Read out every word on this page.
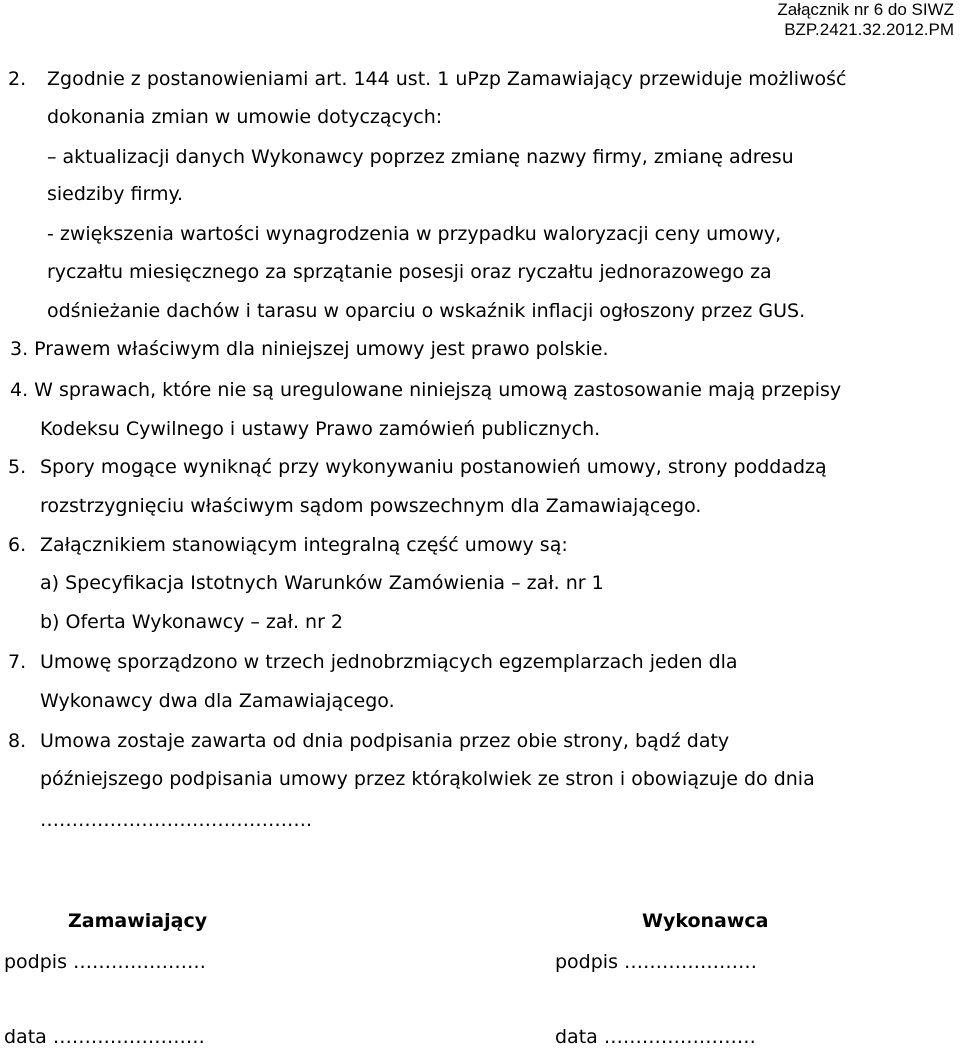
Załącznik nr 6 do SIWZ
BZP.2421.32.2012.PM
2. Zgodnie z postanowieniami art. 144 ust. 1 uPzp Zamawiający przewiduje możliwość
dokonania zmian w umowie dotyczących:
– aktualizacji danych Wykonawcy poprzez zmianę nazwy firmy, zmianę adresu
siedziby firmy.
- zwiększenia wartości wynagrodzenia w przypadku waloryzacji ceny umowy,
ryczałtu miesięcznego za sprzątanie posesji oraz ryczałtu jednorazowego za
odśnieżanie dachów i tarasu w oparciu o wskaźnik inflacji ogłoszony przez GUS.
3. Prawem właściwym dla niniejszej umowy jest prawo polskie.
4. W sprawach, które nie są uregulowane niniejszą umową zastosowanie mają przepisy
Kodeksu Cywilnego i ustawy Prawo zamówień publicznych.
5. Spory mogące wyniknąć przy wykonywaniu postanowień umowy, strony poddadzą
rozstrzygnięciu właściwym sądom powszechnym dla Zamawiającego.
6. Załącznikiem stanowiącym integralną część umowy są:
a) Specyfikacja Istotnych Warunków Zamówienia – zał. nr 1
b) Oferta Wykonawcy – zał. nr 2
7. Umowę sporządzono w trzech jednobrzmiących egzemplarzach jeden dla
Wykonawcy dwa dla Zamawiającego.
8. Umowa zostaje zawarta od dnia podpisania przez obie strony, bądź daty
późniejszego podpisania umowy przez którąkolwiek ze stron i obowiązuje do dnia
…………………………………….
Zamawiający	Wykonawca
podpis …………………	podpis …………………
data ……………………	data ……………………
